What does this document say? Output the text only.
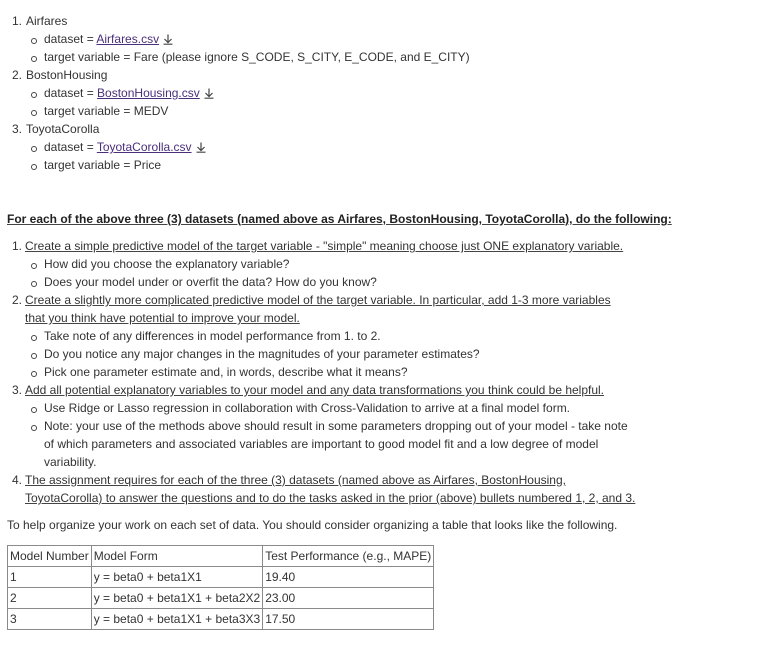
1. Airfares
dataset = Airfares.csv
target variable = Fare (please ignore S_CODE, S_CITY, E_CODE, and E_CITY)
2. BostonHousing
dataset = BostonHousing.csv
target variable = MEDV
3. ToyotaCorolla
dataset = ToyotaCorolla.csv
target variable = Price
For each of the above three (3) datasets (named above as Airfares, BostonHousing, ToyotaCorolla), do the following:
1. Create a simple predictive model of the target variable - "simple" meaning choose just ONE explanatory variable.
How did you choose the explanatory variable?
Does your model under or overfit the data? How do you know?
2. Create a slightly more complicated predictive model of the target variable. In particular, add 1-3 more variables
that you think have potential to improve your model.
Take note of any differences in model performance from 1. to 2.
Do you notice any major changes in the magnitudes of your parameter estimates?
Pick one parameter estimate and, in words, describe what it means?
3. Add all potential explanatory variables to your model and any data transformations you think could be helpful.
Use Ridge or Lasso regression in collaboration with Cross-Validation to arrive at a final model form.
Note: your use of the methods above should result in some parameters dropping out of your model - take note
of which parameters and associated variables are important to good model fit and a low degree of model
variability.
4. The assignment requires for each of the three (3) datasets (named above as Airfares, BostonHousing,
ToyotaCorolla) to answer the questions and to do the tasks asked in the prior (above) bullets numbered 1, 2, and 3.
To help organize your work on each set of data. You should consider organizing a table that looks like the following.
Model Number	Model Form	Test Performance (e.g., MAPE)
1	y = beta0 + beta1X1	19.40
2	y = beta0 + beta1X1 + beta2X2	23.00
3	y = beta0 + beta1X1 + beta3X3	17.50
